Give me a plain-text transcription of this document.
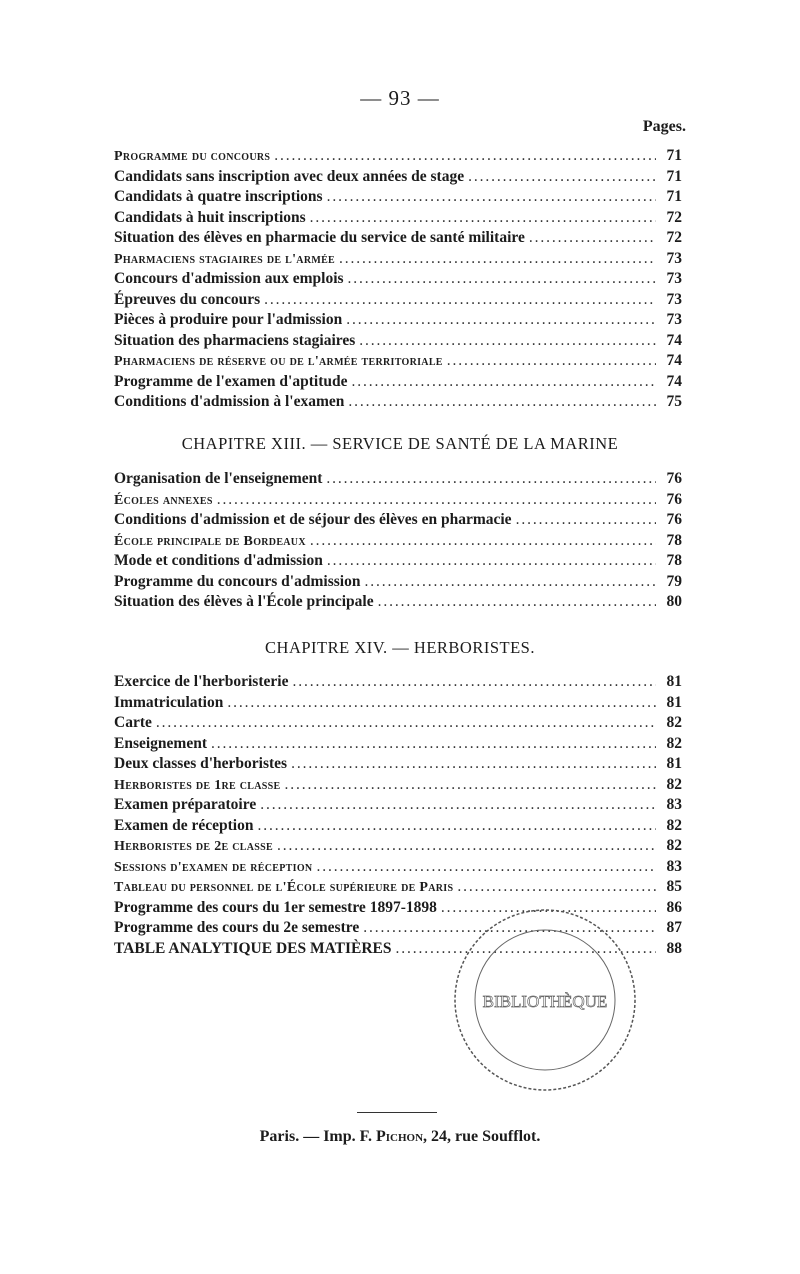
— 93 —
Pages.
Programme du concours . . .	71
Candidats sans inscription avec deux années de stage . . .	71
Candidats à quatre inscriptions . . .	71
Candidats à huit inscriptions . . .	72
Situation des élèves en pharmacie du service de santé militaire . . .	72
Pharmaciens stagiaires de l'armée . . .	73
Concours d'admission aux emplois . . .	73
Épreuves du concours . . .	73
Pièces à produire pour l'admission . . .	73
Situation des pharmaciens stagiaires . . .	74
Pharmaciens de réserve ou de l'armée territoriale . . .	74
Programme de l'examen d'aptitude . . .	74
Conditions d'admission à l'examen . . .	75
CHAPITRE XIII. — SERVICE DE SANTÉ DE LA MARINE
Organisation de l'enseignement . . .	76
Écoles annexes . . .	76
Conditions d'admission et de séjour des élèves en pharmacie . . .	76
École principale de Bordeaux . . .	78
Mode et conditions d'admission . . .	78
Programme du concours d'admission . . .	79
Situation des élèves à l'École principale . . .	80
CHAPITRE XIV. — HERBORISTES.
Exercice de l'herboristerie . . .	81
Immatriculation . . .	81
Carte . . .	82
Enseignement . . .	82
Deux classes d'herboristes . . .	81
Herboristes de 1re classe . . .	82
Examen préparatoire . . .	83
Examen de réception . . .	82
Herboristes de 2e classe . . .	82
Sessions d'examen de réception . . .	83
Tableau du personnel de l'École supérieure de Paris . . .	85
Programme des cours du 1er semestre 1897-1898 . . .	86
Programme des cours du 2e semestre . . .	87
TABLE ANALYTIQUE DES MATIÈRES . . .	88
BIBLIOTHÈQUE
Paris. — Imp. F. Pichon, 24, rue Soufflot.
